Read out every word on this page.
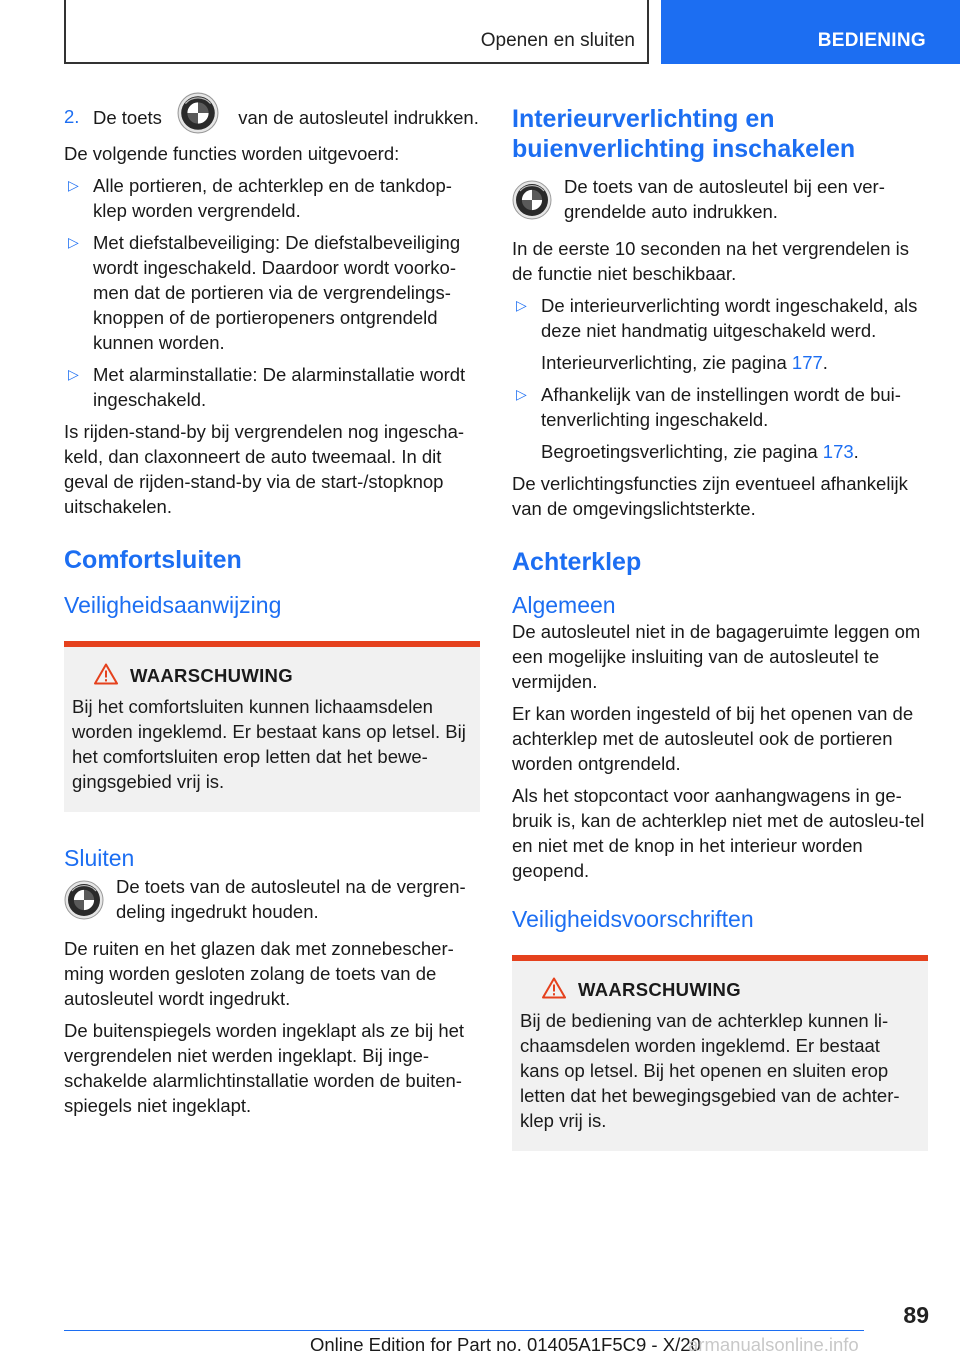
Openen en sluiten	BEDIENING
2. De toets	van de autosleutel indrukken.

De volgende functies worden uitgevoerd:

▷ Alle portieren, de achterklep en de tankdop-klep worden vergrendeld.
▷ Met diefstalbeveiliging: De diefstalbeveiliging wordt ingeschakeld. Daardoor wordt voorko-men dat de portieren via de vergrendelings-knoppen of de portieropeners ontgrendeld kunnen worden.
▷ Met alarminstallatie: De alarminstallatie wordt ingeschakeld.

Is rijden-stand-by bij vergrendelen nog ingescha-keld, dan claxonneert de auto tweemaal. In dit geval de rijden-stand-by via de start-/stopknop uitschakelen.

Comfortsluiten
Veiligheidsaanwijzing
WAARSCHUWING
Bij het comfortsluiten kunnen lichaamsdelen worden ingeklemd. Er bestaat kans op letsel. Bij het comfortsluiten erop letten dat het bewe-gingsgebied vrij is.
Sluiten
De toets van de autosleutel na de vergren-deling ingedrukt houden.

De ruiten en het glazen dak met zonnebescher-ming worden gesloten zolang de toets van de autosleutel wordt ingedrukt.

De buitenspiegels worden ingeklapt als ze bij het vergrendelen niet werden ingeklapt. Bij inge-schakelde alarmlichtinstallatie worden de buiten-spiegels niet ingeklapt.

Interieurverlichting en buienverlichting inschakelen
De toets van de autosleutel bij een ver-grendelde auto indrukken.

In de eerste 10 seconden na het vergrendelen is de functie niet beschikbaar.

▷ De interieurverlichting wordt ingeschakeld, als deze niet handmatig uitgeschakeld werd.
Interieurverlichting, zie pagina 177.
▷ Afhankelijk van de instellingen wordt de bui-tenverlichting ingeschakeld.
Begroetingsverlichting, zie pagina 173.

De verlichtingsfuncties zijn eventueel afhankelijk van de omgevingslichtsterkte.

Achterklep
Algemeen

De autosleutel niet in de bagageruimte leggen om een mogelijke insluiting van de autosleutel te vermijden.

Er kan worden ingesteld of bij het openen van de achterklep met de autosleutel ook de portieren worden ontgrendeld.

Als het stopcontact voor aanhangwagens in ge-bruik is, kan de achterklep niet met de autosleu-tel en niet met de knop in het interieur worden geopend.

Veiligheidsvoorschriften
WAARSCHUWING
Bij de bediening van de achterklep kunnen li-chaamsdelen worden ingeklemd. Er bestaat kans op letsel. Bij het openen en sluiten erop letten dat het bewegingsgebied van de achter-klep vrij is.
89
Online Edition for Part no. 01405A1F5C9 - X/20
armanualsonline.info
